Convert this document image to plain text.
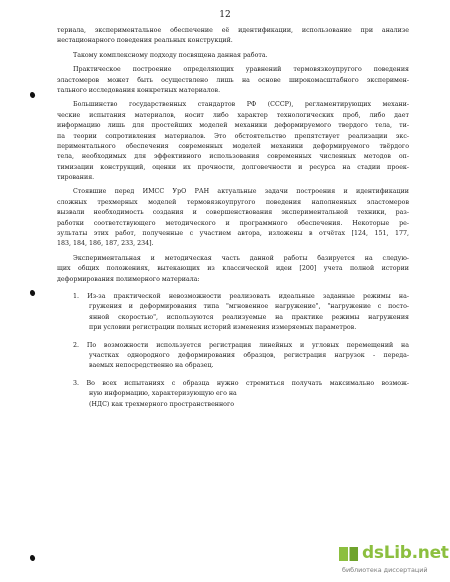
12
териала, экспериментальное обеспечение её идентификации, использование при анализе
нестационарного поведения реальных конструкций.
Такому комплексному подходу посвящена данная работа.
Практическое построение определяющих уравнений термовязкоупругого поведения
эластомеров может быть осуществлено лишь на основе широкомасштабного эксперимен-
тального исследования конкретных материалов.
Большинство государственных стандартов РФ (СССР), регламентирующих механи-
ческие испытания материалов, носит либо характер технологических проб, либо дает
информацию лишь для простейших моделей механики деформируемого твердого тела, ти-
па теории сопротивления материалов. Это обстоятельство препятствует реализации экс-
периментального обеспечения современных моделей механики деформируемого твёрдого
тела, необходимых для эффективного использования современных численных методов оп-
тимизации конструкций, оценки их прочности, долговечности и ресурса на стадии проек-
тирования.
Стоявшие перед ИМСС УрО РАН актуальные задачи построения и идентификации
сложных трехмерных моделей термовязкоупругого поведения наполненных эластомеров
вызвали необходимость создания и совершенствования экспериментальной техники, раз-
работки соответствующего методического и программного обеспечения. Некоторые ре-
зультаты этих работ, полученные с участием автора, изложены в отчётах [124, 151, 177,
183, 184, 186, 187, 233, 234].
Экспериментальная и методическая часть данной работы базируется на следую-
щих общих положениях, вытекающих из классической идеи [200] учета полной истории
деформирования полимерного материала:
1. Из-за практической невозможности реализовать идеальные заданные режимы на-
гружения и деформирования типа "мгновенное нагружение", "нагружение с посто-
янной скоростью", используются реализуемые на практике режимы нагружения
при условии регистрации полных историй изменения измеряемых параметров.
2. По возможности используется регистрация линейных и угловых перемещений на
участках однородного деформирования образцов, регистрация нагрузок - переда-
ваемых непосредственно на образец.
3. Во всех испытаниях с образца нужно стремиться получать максимально возмож-
ную информацию, характеризующую его на
(НДС) как трехмерного пространственного
dsLib.net
библиотека диссертаций
